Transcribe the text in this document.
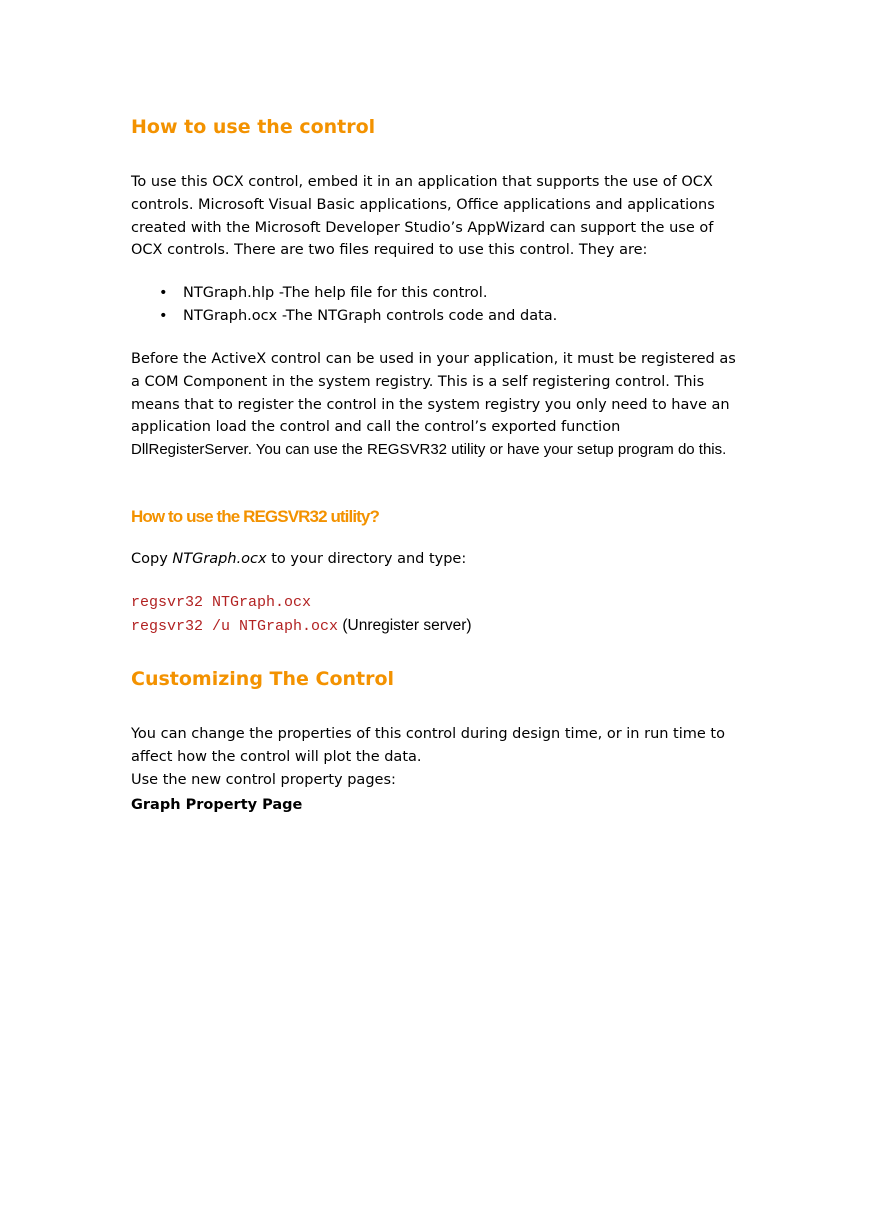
How to use the control

To use this OCX control, embed it in an application that supports the use of OCX controls. Microsoft Visual Basic applications, Office applications and applications created with the Microsoft Developer Studio’s AppWizard can support the use of OCX controls. There are two files required to use this control. They are:

• NTGraph.hlp -The help file for this control.
• NTGraph.ocx -The NTGraph controls code and data.

Before the ActiveX control can be used in your application, it must be registered as a COM Component in the system registry. This is a self registering control. This means that to register the control in the system registry you only need to have an application load the control and call the control’s exported function
DllRegisterServer. You can use the REGSVR32 utility or have your setup program do this.

How to use the REGSVR32 utility?

Copy NTGraph.ocx to your directory and type:

regsvr32 NTGraph.ocx
regsvr32 /u NTGraph.ocx (Unregister server)
Customizing The Control

You can change the properties of this control during design time, or in run time to affect how the control will plot the data.
Use the new control property pages:

Graph Property Page
